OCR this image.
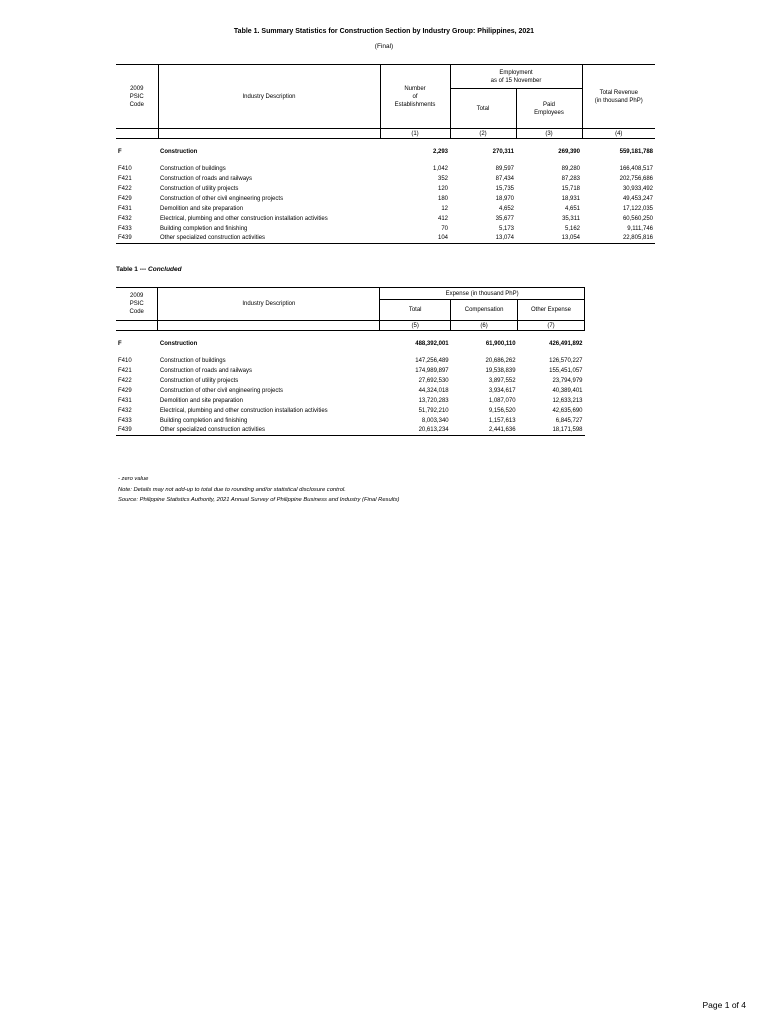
Table 1. Summary Statistics for Construction Section by Industry Group: Philippines, 2021
(Final)
2009
PSIC
Code	Industry Description	Number
of
Establishments	Employment
as of 15 November		Total Revenue
(in thousand PhP)

			Total	Paid
Employees	

		(1)	(2)	(3)	(4)

F	Construction	2,293	270,311	269,390	559,181,788
F410	Construction of buildings	1,042	89,597	89,280	166,408,517
F421	Construction of roads and railways	352	87,434	87,283	202,756,686
F422	Construction of utility projects	120	15,735	15,718	30,933,492
F429	Construction of other civil engineering projects	180	18,970	18,931	49,453,247
F431	Demolition and site preparation	12	4,652	4,651	17,122,035
F432	Electrical, plumbing and other construction installation activities	412	35,677	35,311	60,560,250
F433	Building completion and finishing	70	5,173	5,162	9,111,746
F439	Other specialized construction activities	104	13,074	13,054	22,805,816
Table 1 --- Concluded
2009
PSIC
Code	Industry Description	Expense (in thousand PhP)		
		Total	Compensation	Other Expense
		(5)	(6)	(7)

F	Construction	488,392,001	61,900,110	426,491,892
F410	Construction of buildings	147,256,489	20,686,262	126,570,227
F421	Construction of roads and railways	174,989,897	19,538,839	155,451,057
F422	Construction of utility projects	27,692,530	3,897,552	23,794,979
F429	Construction of other civil engineering projects	44,324,018	3,934,617	40,389,401
F431	Demolition and site preparation	13,720,283	1,087,070	12,633,213
F432	Electrical, plumbing and other construction installation activities	51,792,210	9,156,520	42,635,690
F433	Building completion and finishing	8,003,340	1,157,613	6,845,727
F439	Other specialized construction activities	20,613,234	2,441,636	18,171,598
- zero value
Note: Details may not add-up to total due to rounding and/or statistical disclosure control.
Source: Philippine Statistics Authority, 2021 Annual Survey of Philippine Business and Industry (Final Results)
Page 1 of 4
